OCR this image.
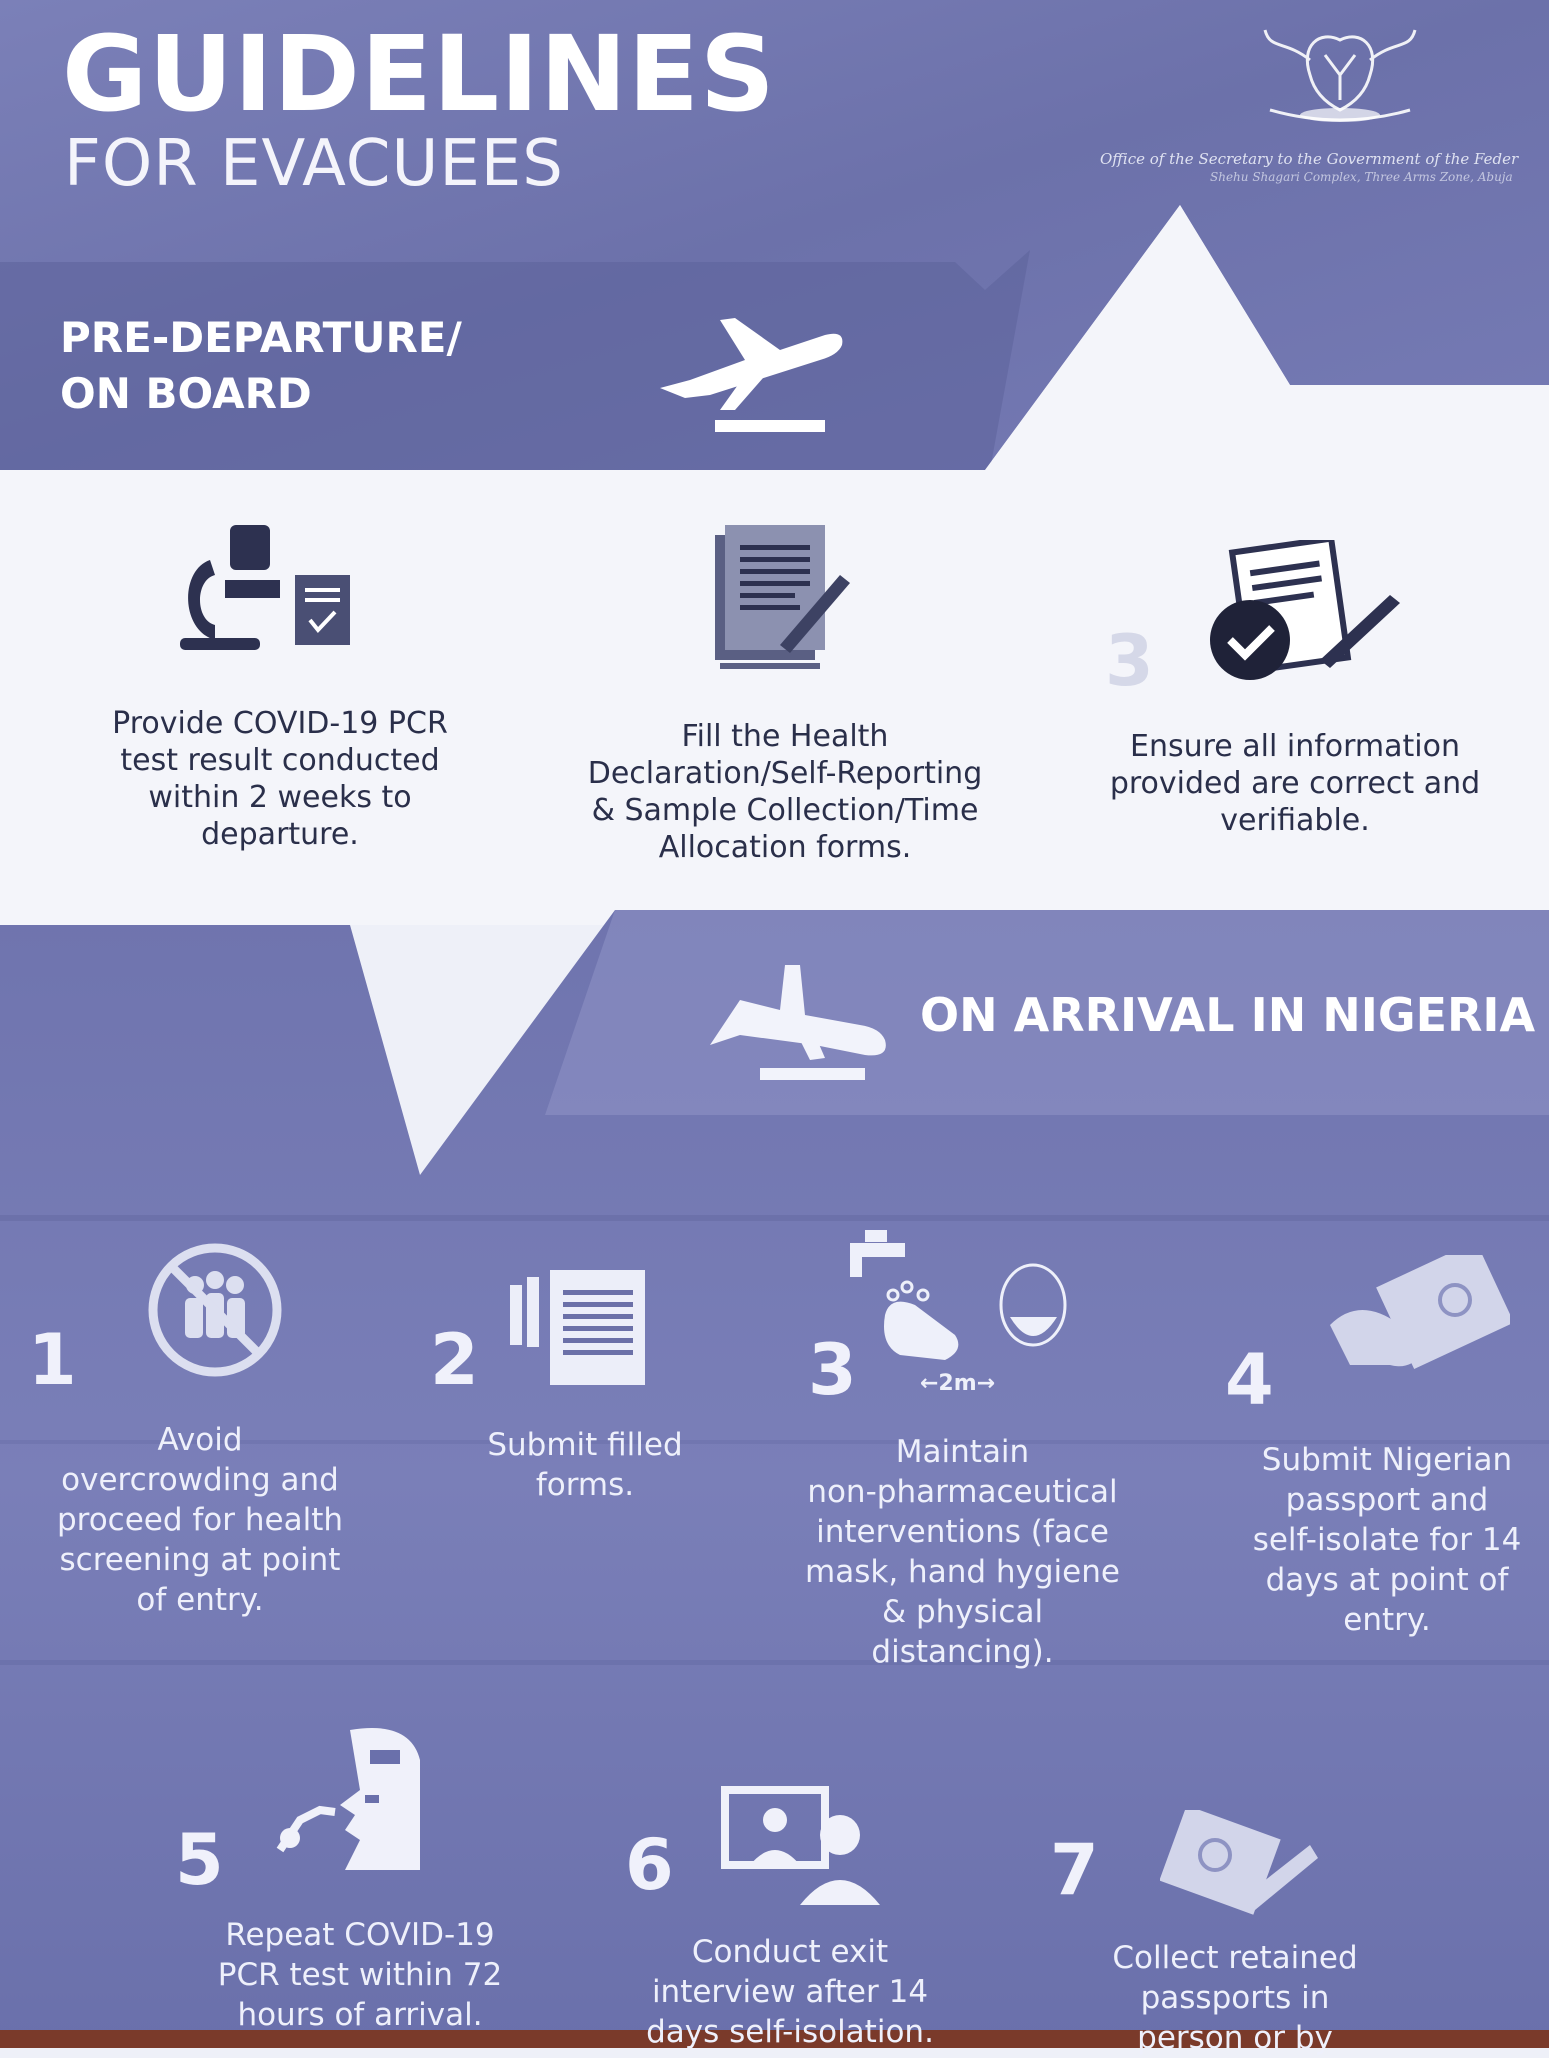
GUIDELINES
FOR EVACUEES	Office of the Secretary to the Government of the Feder
Shehu Shagari Complex, Three Arms Zone, Abuja
PRE-DEPARTURE/
ON BOARD
3
Provide COVID-19 PCR
test result conducted
within 2 weeks to
departure.
Fill the Health
Declaration/Self-Reporting
& Sample Collection/Time
Allocation forms.
Ensure all information
provided are correct and
verifiable.
ON ARRIVAL IN NIGERIA
1	2	3	4
5	6	7
←2m→
Avoid
overcrowding and
proceed for health
screening at point
of entry.
Submit filled
forms.
Maintain
non-pharmaceutical
interventions (face
mask, hand hygiene
& physical
distancing).
Submit Nigerian
passport and
self-isolate for 14
days at point of
entry.
Repeat COVID-19
PCR test within 72
hours of arrival.
Conduct exit
interview after 14
days self-isolation.
Collect retained
passports in
person or by
